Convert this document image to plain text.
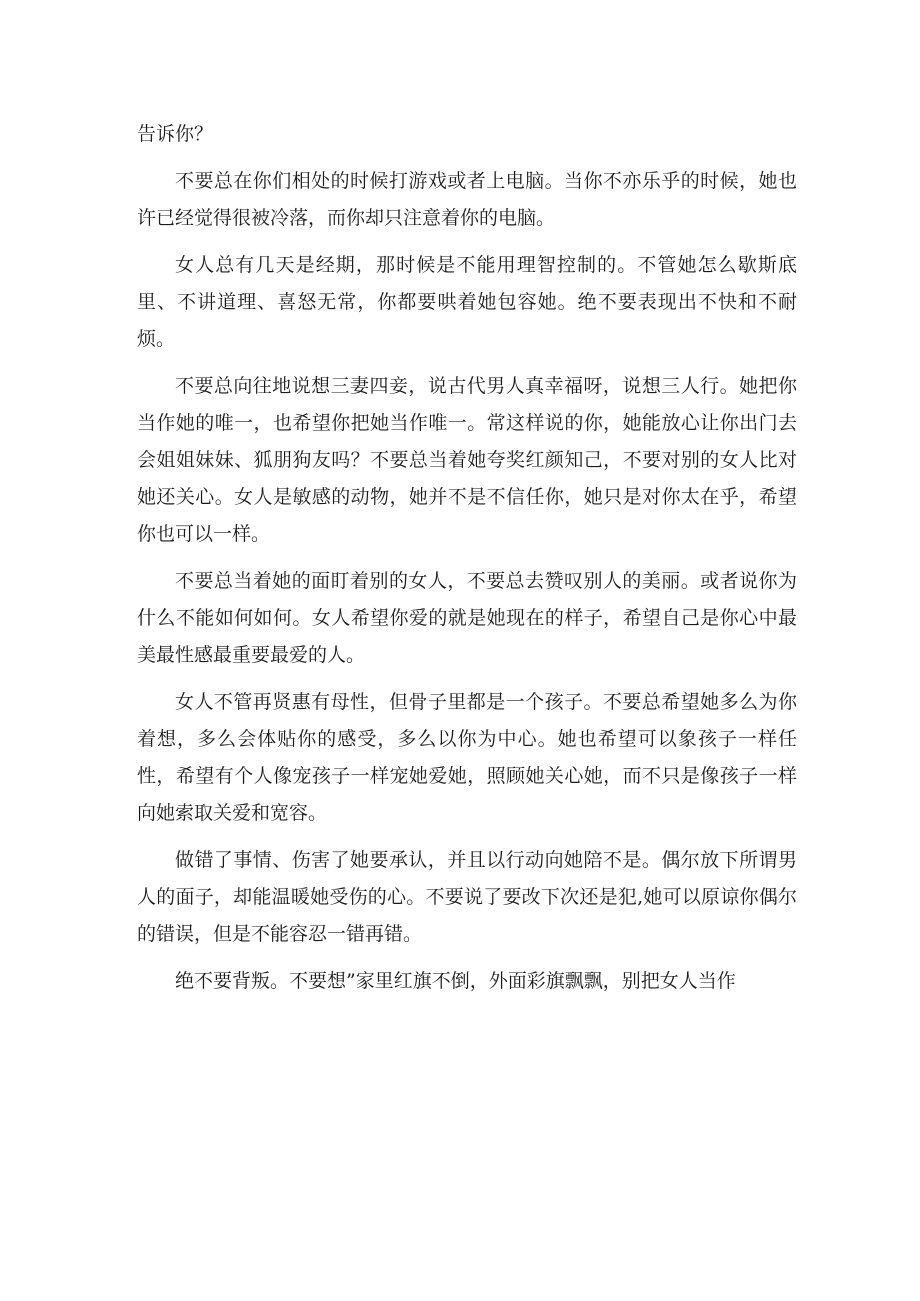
告诉你？

不要总在你们相处的时候打游戏或者上电脑。当你不亦乐乎的时候，她也许已经觉得很被冷落，而你却只注意着你的电脑。

女人总有几天是经期，那时候是不能用理智控制的。不管她怎么歇斯底里、不讲道理、喜怒无常，你都要哄着她包容她。绝不要表现出不快和不耐烦。

不要总向往地说想三妻四妾，说古代男人真幸福呀，说想三人行。她把你当作她的唯一，也希望你把她当作唯一。常这样说的你，她能放心让你出门去会姐姐妹妹、狐朋狗友吗？不要总当着她夸奖红颜知己，不要对别的女人比对她还关心。女人是敏感的动物，她并不是不信任你，她只是对你太在乎，希望你也可以一样。

不要总当着她的面盯着别的女人，不要总去赞叹别人的美丽。或者说你为什么不能如何如何。女人希望你爱的就是她现在的样子，希望自己是你心中最美最性感最重要最爱的人。

女人不管再贤惠有母性，但骨子里都是一个孩子。不要总希望她多么为你着想，多么会体贴你的感受，多么以你为中心。她也希望可以象孩子一样任性，希望有个人像宠孩子一样宠她爱她，照顾她关心她，而不只是像孩子一样向她索取关爱和宽容。

做错了事情、伤害了她要承认，并且以行动向她陪不是。偶尔放下所谓男人的面子，却能温暖她受伤的心。不要说了要改下次还是犯,她可以原谅你偶尔的错误，但是不能容忍一错再错。

绝不要背叛。不要想”家里红旗不倒，外面彩旗飘飘，别把女人当作
